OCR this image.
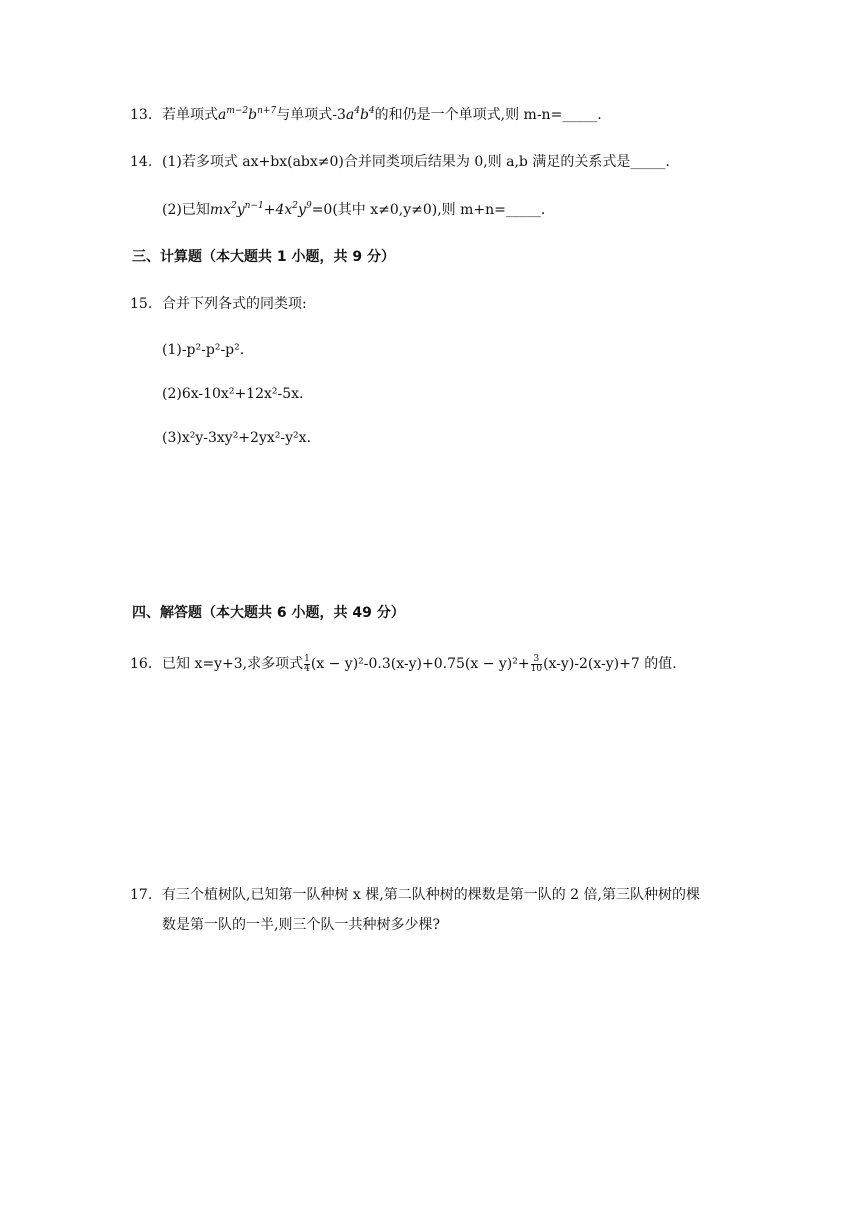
13. 若单项式$a^{m-2}b^{n+7}$与单项式$-3a^4b^4$的和仍是一个单项式,则 m-n=_____.
14. (1)若多项式 ax+bx(abx≠0)合并同类项后结果为 0,则 a,b 满足的关系式是_____.
(2)已知$mx^2y^{n-1}+4x^2y^9=0$(其中 x≠0,y≠0),则 m+n=_____.
三、计算题（本大题共 1 小题，共 9 分）
15. 合并下列各式的同类项:
(1)-p²-p²-p².
(2)6x-10x²+12x²-5x.
(3)x²y-3xy²+2yx²-y²x.
四、解答题（本大题共 6 小题，共 49 分）
16. 已知 x=y+3,求多项式 $\frac{1}{4} (x - y)^2-0.3(x-y)+0.75(x - y)^2+ \frac{3}{10} (x-y)-2(x-y)+7$ 的值.
17. 有三个植树队,已知第一队种树 x 棵,第二队种树的棵数是第一队的 2 倍,第三队种树的棵
数是第一队的一半,则三个队一共种树多少棵?
